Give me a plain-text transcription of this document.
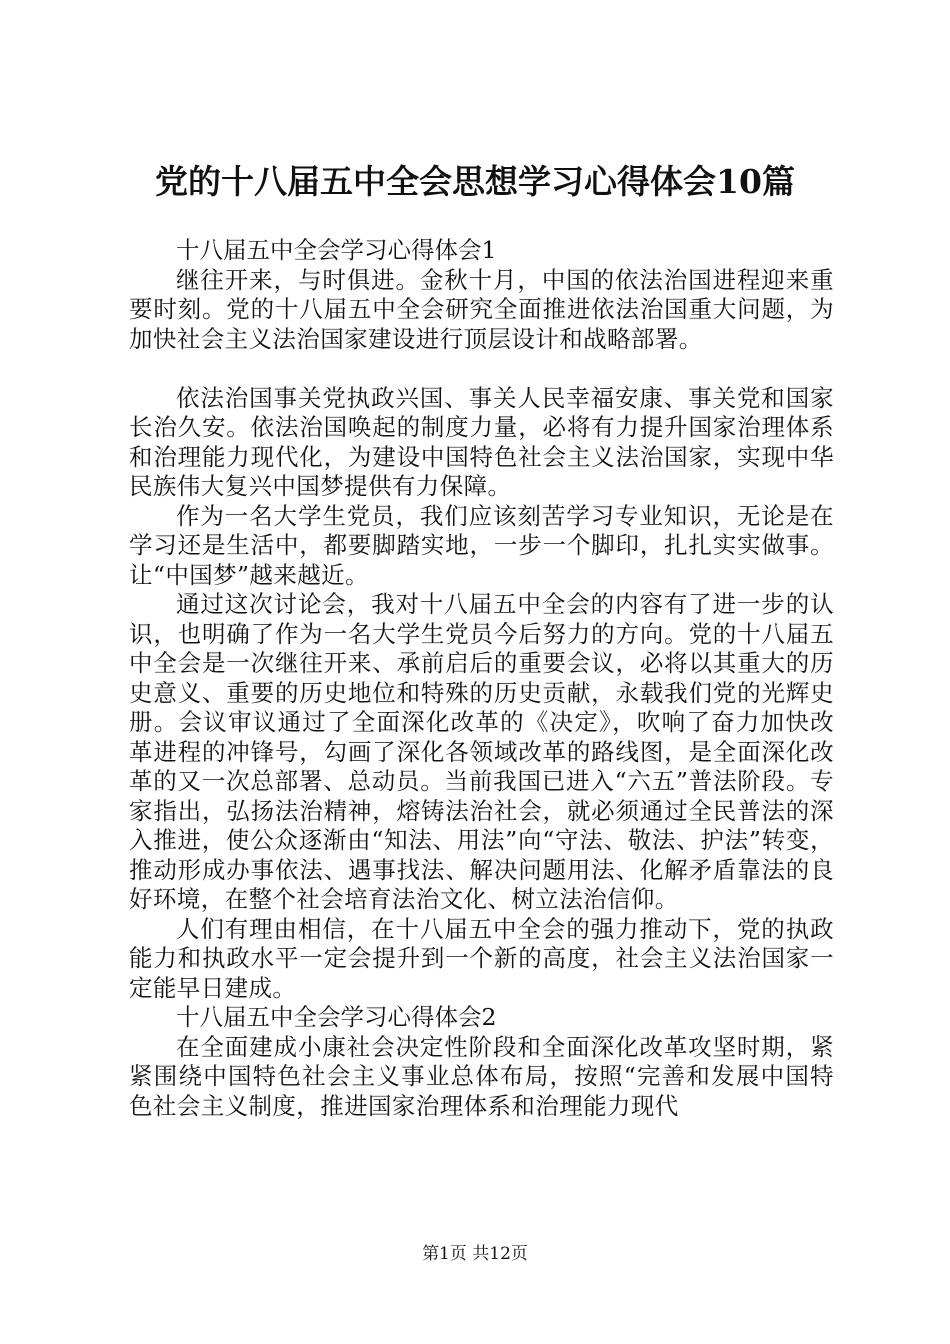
党的十八届五中全会思想学习心得体会10篇

十八届五中全会学习心得体会1

继往开来，与时俱进。金秋十月，中国的依法治国进程迎来重要时刻。党的十八届五中全会研究全面推进依法治国重大问题，为加快社会主义法治国家建设进行顶层设计和战略部署。

依法治国事关党执政兴国、事关人民幸福安康、事关党和国家长治久安。依法治国唤起的制度力量，必将有力提升国家治理体系和治理能力现代化，为建设中国特色社会主义法治国家，实现中华民族伟大复兴中国梦提供有力保障。

作为一名大学生党员，我们应该刻苦学习专业知识，无论是在学习还是生活中，都要脚踏实地，一步一个脚印，扎扎实实做事。让“中国梦”越来越近。

通过这次讨论会，我对十八届五中全会的内容有了进一步的认识，也明确了作为一名大学生党员今后努力的方向。党的十八届五中全会是一次继往开来、承前启后的重要会议，必将以其重大的历史意义、重要的历史地位和特殊的历史贡献，永载我们党的光辉史册。会议审议通过了全面深化改革的《决定》，吹响了奋力加快改革进程的冲锋号，勾画了深化各领域改革的路线图，是全面深化改革的又一次总部署、总动员。当前我国已进入“六五”普法阶段。专家指出，弘扬法治精神，熔铸法治社会，就必须通过全民普法的深入推进，使公众逐渐由“知法、用法”向“守法、敬法、护法”转变，推动形成办事依法、遇事找法、解决问题用法、化解矛盾靠法的良好环境，在整个社会培育法治文化、树立法治信仰。

人们有理由相信，在十八届五中全会的强力推动下，党的执政能力和执政水平一定会提升到一个新的高度，社会主义法治国家一定能早日建成。

十八届五中全会学习心得体会2

在全面建成小康社会决定性阶段和全面深化改革攻坚时期，紧紧围绕中国特色社会主义事业总体布局，按照“完善和发展中国特色社会主义制度，推进国家治理体系和治理能力现代

第1页 共12页
